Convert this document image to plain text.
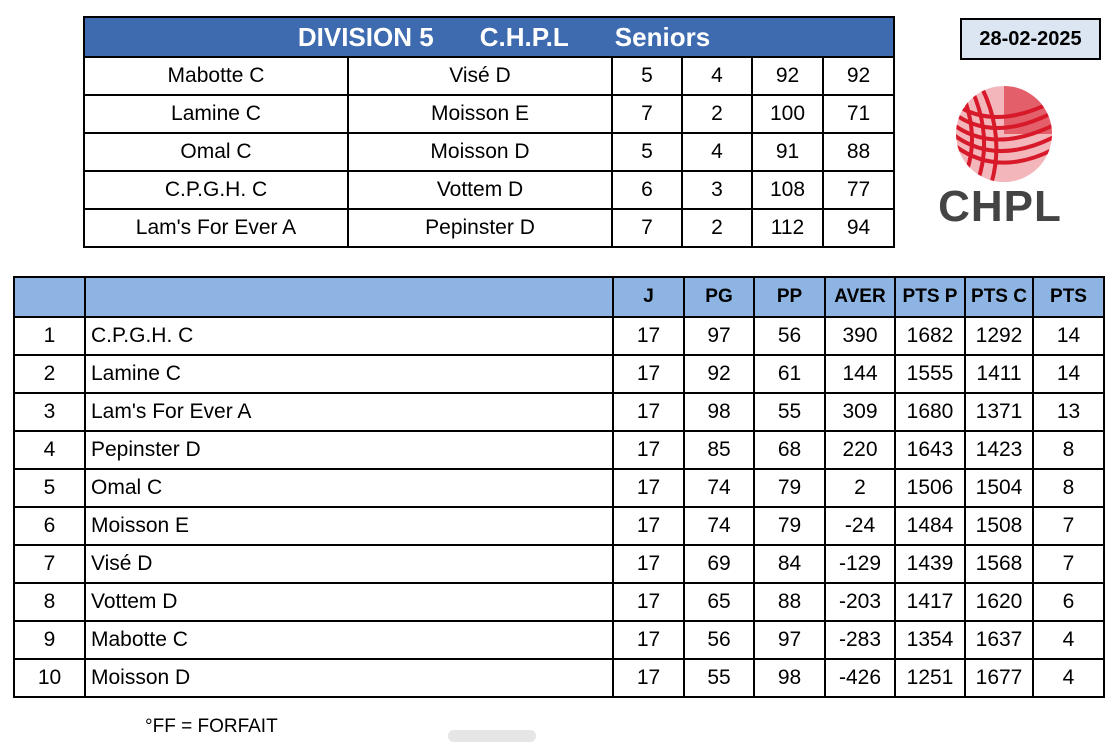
DIVISION 5 C.H.P.L Seniors					

Mabotte C	Visé D	5	4	92	92
Lamine C	Moisson E	7	2	100	71
Omal C	Moisson D	5	4	91	88
C.P.G.H. C	Vottem D	6	3	108	77
Lam's For Ever A	Pepinster D	7	2	112	94
28-02-2025
CHPL
		J	PG	PP	AVER	PTS P	PTS C	PTS
1	C.P.G.H. C	17	97	56	390	1682	1292	14
2	Lamine C	17	92	61	144	1555	1411	14
3	Lam's For Ever A	17	98	55	309	1680	1371	13
4	Pepinster D	17	85	68	220	1643	1423	8
5	Omal C	17	74	79	2	1506	1504	8
6	Moisson E	17	74	79	-24	1484	1508	7
7	Visé D	17	69	84	-129	1439	1568	7
8	Vottem D	17	65	88	-203	1417	1620	6
9	Mabotte C	17	56	97	-283	1354	1637	4
10	Moisson D	17	55	98	-426	1251	1677	4
°FF = FORFAIT
